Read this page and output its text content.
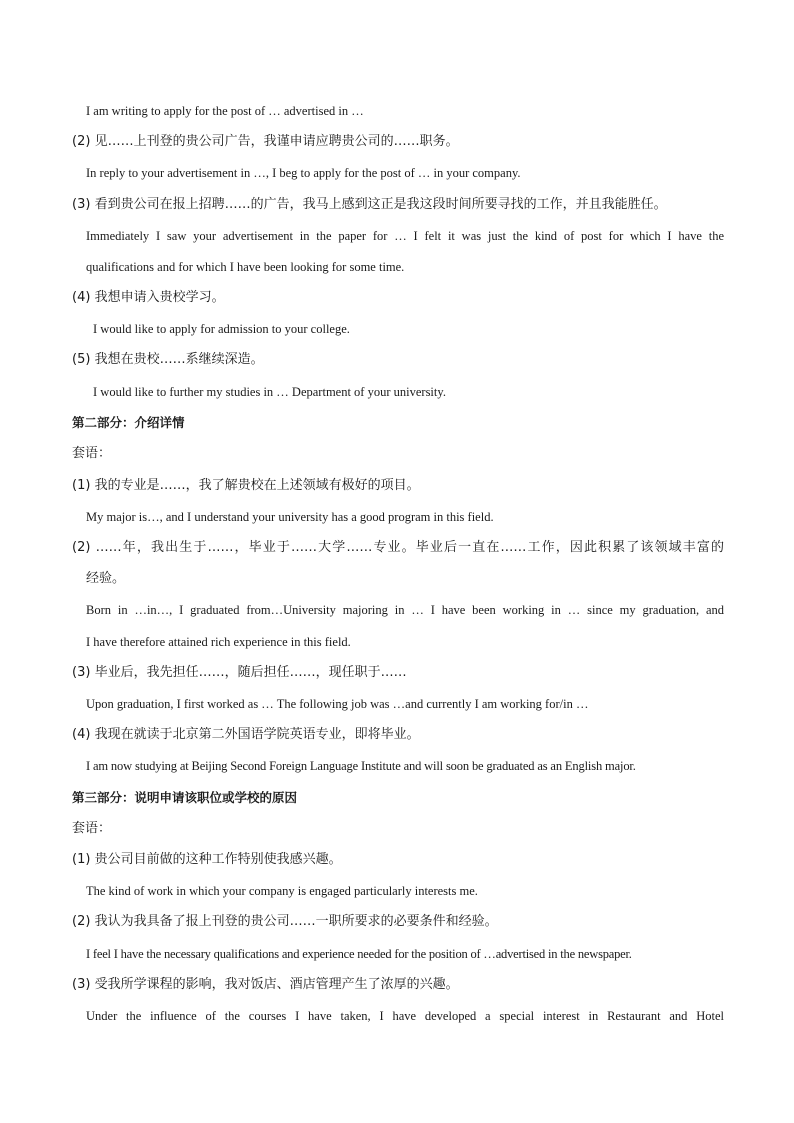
I am writing to apply for the post of … advertised in …
(2) 见……上刊登的贵公司广告，我谨申请应聘贵公司的……职务。
In reply to your advertisement in …, I beg to apply for the post of … in your company.
(3) 看到贵公司在报上招聘……的广告，我马上感到这正是我这段时间所要寻找的工作，并且我能胜任。
Immediately I saw your advertisement in the paper for … I felt it was just the kind of post for which I have the
qualifications and for which I have been looking for some time.
(4) 我想申请入贵校学习。
I would like to apply for admission to your college.
(5) 我想在贵校……系继续深造。
I would like to further my studies in … Department of your university.
第二部分：介绍详情
套语：
(1) 我的专业是……，我了解贵校在上述领域有极好的项目。
My major is…, and I understand your university has a good program in this field.
(2) ……年，我出生于……，毕业于……大学……专业。毕业后一直在……工作，因此积累了该领域丰富的
经验。
Born in …in…, I graduated from…University majoring in … I have been working in … since my graduation, and
I have therefore attained rich experience in this field.
(3) 毕业后，我先担任……，随后担任……，现任职于……
Upon graduation, I first worked as … The following job was …and currently I am working for/in …
(4) 我现在就读于北京第二外国语学院英语专业，即将毕业。
I am now studying at Beijing Second Foreign Language Institute and will soon be graduated as an English major.
第三部分：说明申请该职位或学校的原因
套语：
(1) 贵公司目前做的这种工作特别使我感兴趣。
The kind of work in which your company is engaged particularly interests me.
(2) 我认为我具备了报上刊登的贵公司……一职所要求的必要条件和经验。
I feel I have the necessary qualifications and experience needed for the position of …advertised in the newspaper.
(3) 受我所学课程的影响，我对饭店、酒店管理产生了浓厚的兴趣。
Under the influence of the courses I have taken, I have developed a special interest in Restaurant and Hotel
